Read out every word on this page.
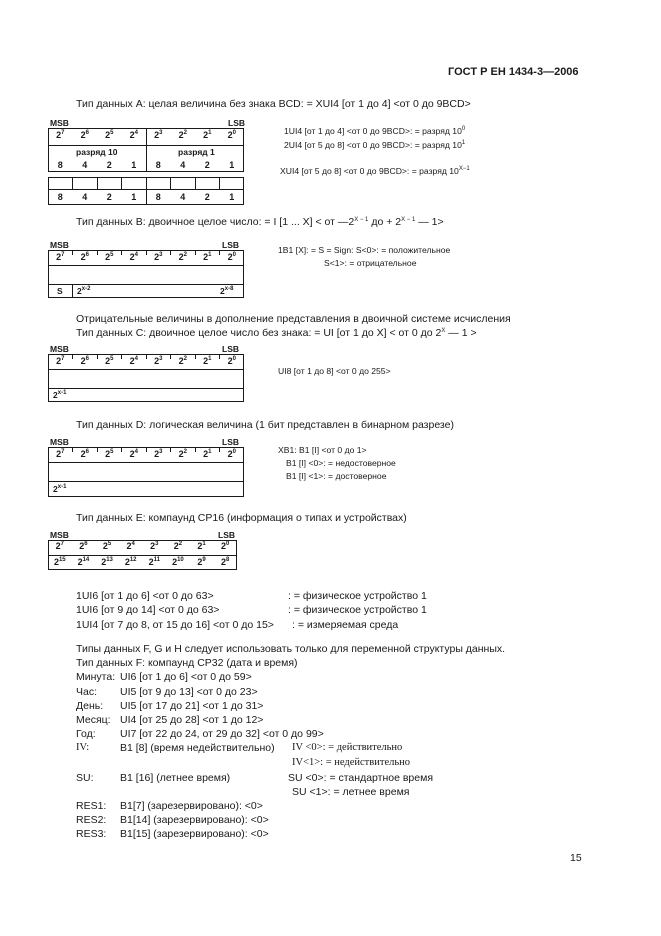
ГОСТ Р ЕН 1434-3—2006
Тип данных A: целая величина без знака BCD: = XUI4 [от 1 до 4] <от 0 до 9BCD>
MSB	LSB
$2^7$	$2^6$	$2^5$	$2^4$	$2^3$	$2^2$	$2^1$	$2^0$
разряд 10	разряд 1
8	4	2	1	8	4	2	1
8	4	2	1	8	4	2	1
1UI4 [от 1 до 4] <от 0 до 9BCD>: = разряд $10^0$
2UI4 [от 5 до 8] <от 0 до 9BCD>: = разряд $10^1$
XUI4 [от 5 до 8] <от 0 до 9BCD>: = разряд $10^{X-1}$
Тип данных B: двоичное целое число: = I [1 ... X] < от $—2^{X - 1}$ до + $2^{X - 1}$ — 1>
MSB	LSB
$2^7$	$2^6$	$2^5$	$2^4$	$2^3$	$2^2$	$2^1$	$2^0$
S 2$^{x-2}$	2$^{x-8}$
1B1 [X]: = S = Sign: S<0>: = положительное
S<1>: = отрицательное
Отрицательные величины в дополнение представления в двоичной системе исчисления
Тип данных C: двоичное целое число без знака: = UI [от 1 до X] < от 0 до $2^X$ — 1 >
MSB	LSB
$2^7$	$2^6$	$2^5$	$2^4$	$2^3$	$2^2$	$2^1$	$2^0$
2$^{x-1}$
UI8 [от 1 до 8] <от 0 до 255>
Тип данных D: логическая величина (1 бит представлен в бинарном разрезе)
MSB	LSB
$2^7$	$2^6$	$2^5$	$2^4$	$2^3$	$2^2$	$2^1$	$2^0$
2$^{x-1}$
XB1: B1 [I] <от 0 до 1>
B1 [I] <0>: = недостоверное
B1 [I] <1>: = достоверное
Тип данных E: компаунд CP16 (информация о типах и устройствах)
MSB	LSB
$2^7$	$2^6$	$2^5$	$2^4$	$2^3$	$2^2$	$2^1$	$2^0$
$2^{15}$	$2^{14}$	$2^{13}$	$2^{12}$	$2^{11}$	$2^{10}$	$2^9$	$2^8$
1UI6 [от 1 до 6] <от 0 до 63>	: = физическое устройство 1
1UI6 [от 9 до 14] <от 0 до 63>	: = физическое устройство 1
1UI4 [от 7 до 8, от 15 до 16] <от 0 до 15> : = измеряемая среда
Типы данных F, G и H следует использовать только для переменной структуры данных.
Тип данных F: компаунд CP32 (дата и время)
Минута: UI6 [от 1 до 6] <от 0 до 59>
Час: UI5 [от 9 до 13] <от 0 до 23>
День: UI5 [от 17 до 21] <от 1 до 31>
Месяц: UI4 [от 25 до 28] <от 1 до 12>
Год: UI7 [от 22 до 24, от 29 до 32] <от 0 до 99>
IV:	B1 [8] (время недействительно) IV <0>: = действительно
IV<1>: = недействительно
SU:	B1 [16] (летнее время)	SU <0>: = стандартное время
SU <1>: = летнее время
RES1: B1[7] (зарезервировано): <0>
RES2: B1[14] (зарезервировано): <0>
RES3: B1[15] (зарезервировано): <0>
15
